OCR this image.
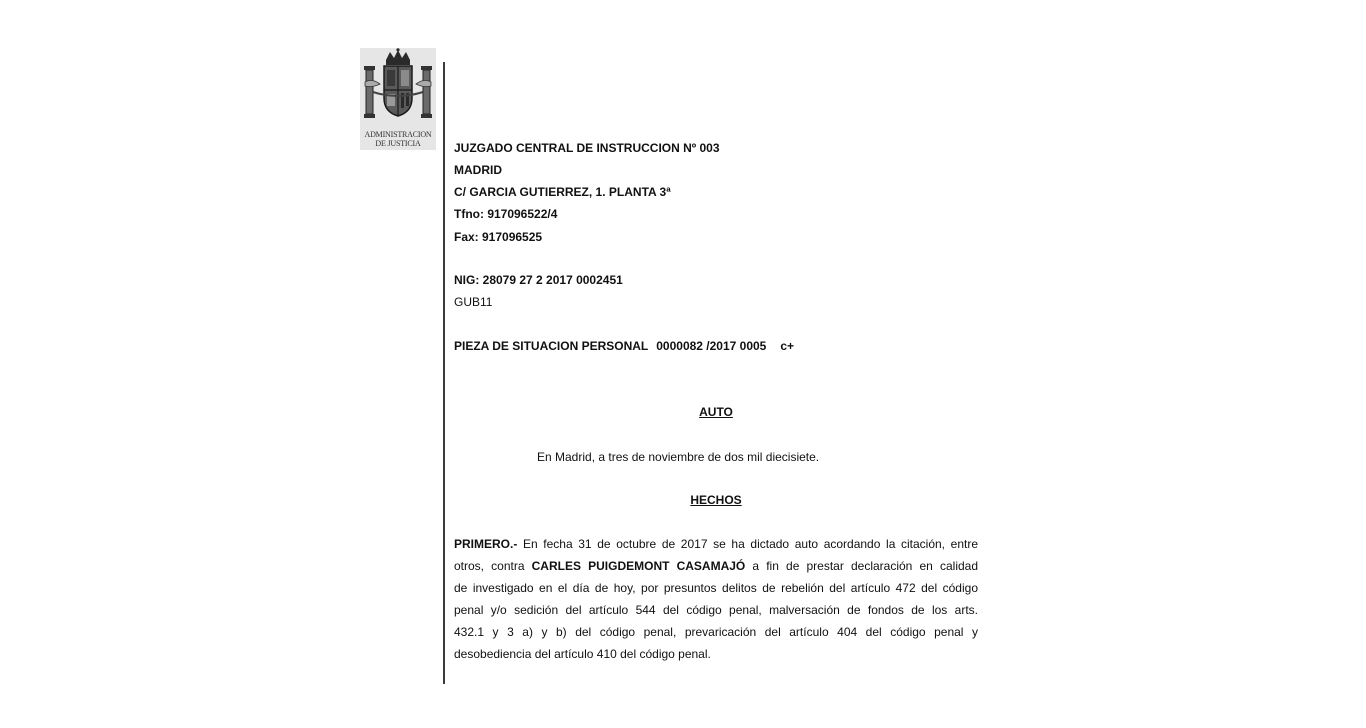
ADMINISTRACION
DE JUSTICIA	JUZGADO CENTRAL DE INSTRUCCION Nº 003
MADRID
C/ GARCIA GUTIERREZ, 1. PLANTA 3ª
Tfno: 917096522/4
Fax: 917096525
NIG: 28079 27 2 2017 0002451
GUB11
PIEZA DE SITUACION PERSONAL 0000082 /2017 0005 c+
AUTO
En Madrid, a tres de noviembre de dos mil diecisiete.
HECHOS
PRIMERO.- En fecha 31 de octubre de 2017 se ha dictado auto acordando la citación, entre
otros, contra CARLES PUIGDEMONT CASAMAJÓ a fin de prestar declaración en calidad
de investigado en el día de hoy, por presuntos delitos de rebelión del artículo 472 del código
penal y/o sedición del artículo 544 del código penal, malversación de fondos de los arts.
432.1 y 3 a) y b) del código penal, prevaricación del artículo 404 del código penal y
desobediencia del artículo 410 del código penal.
